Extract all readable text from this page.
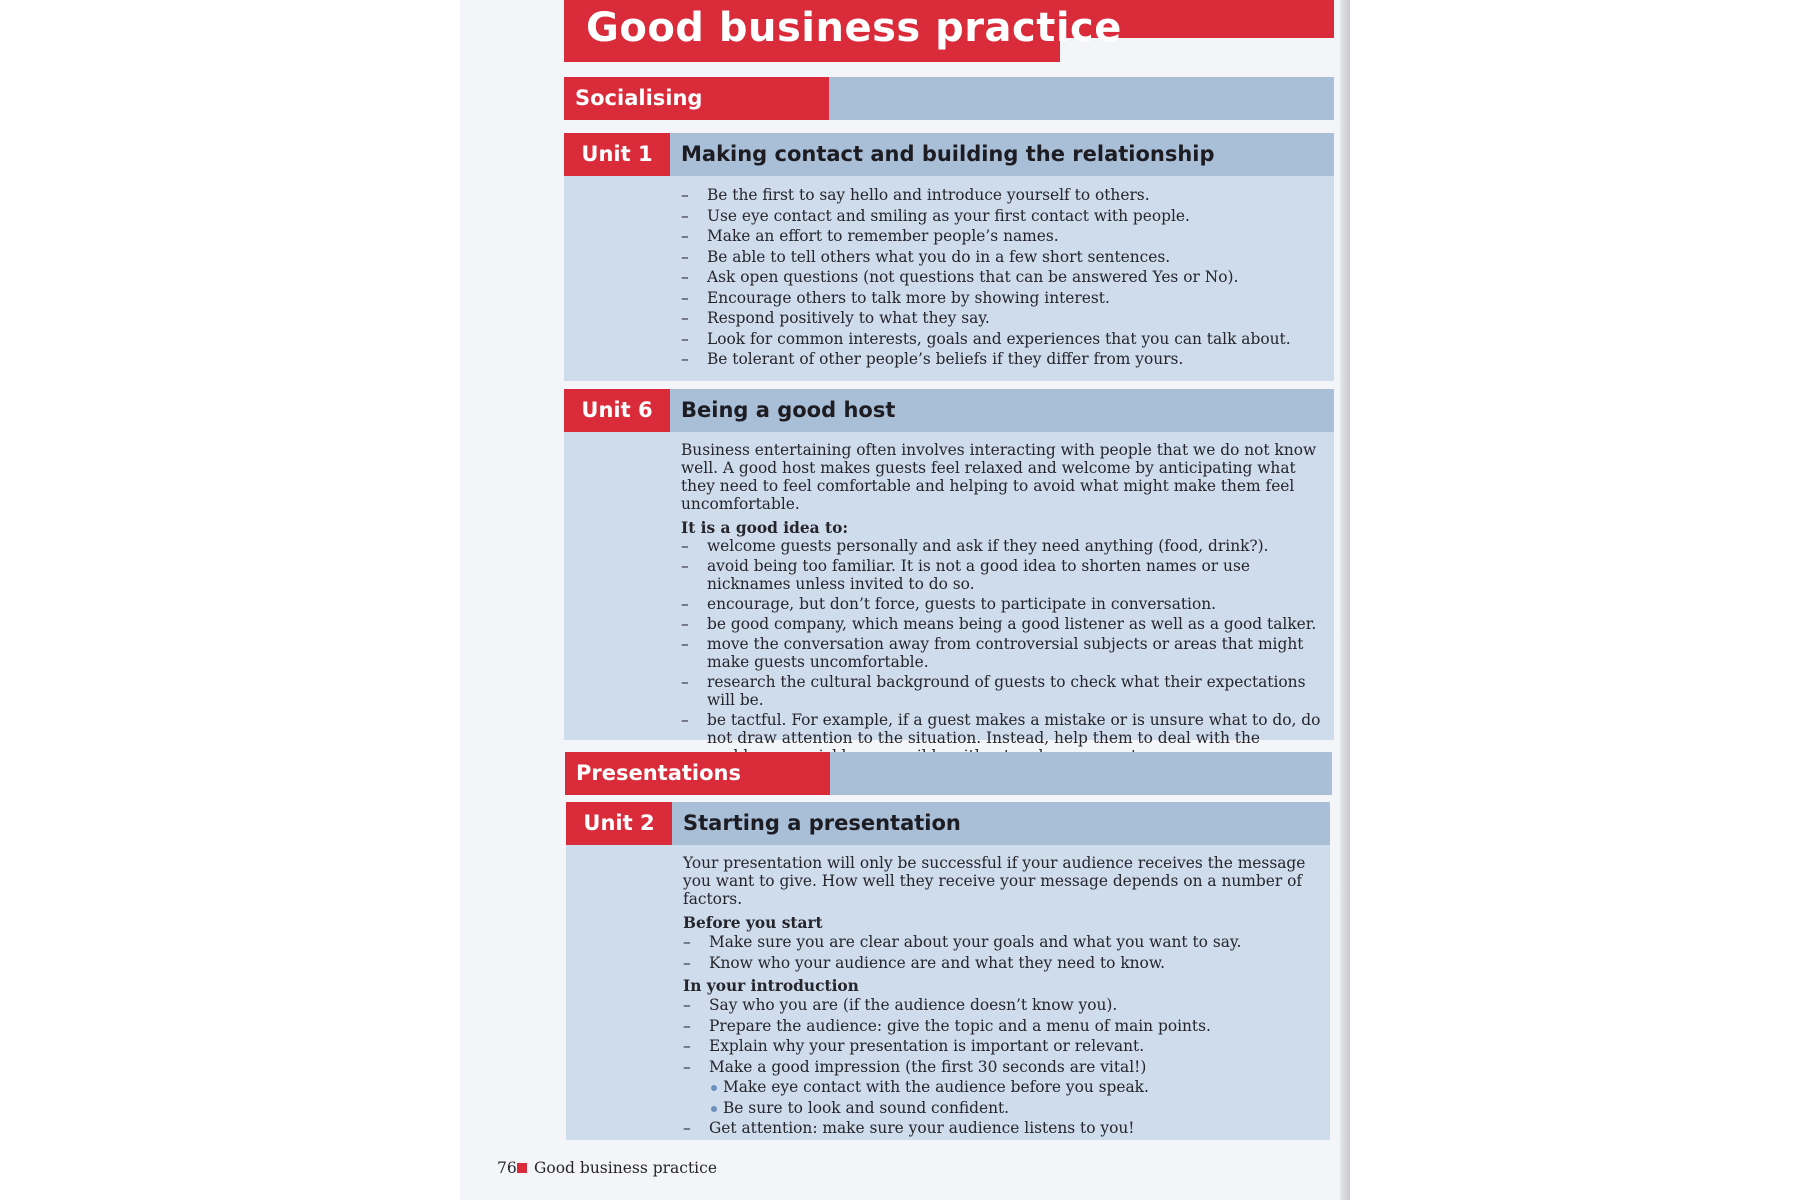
Good business practice
Socialising
Unit 1	Making contact and building the relationship
– Be the first to say hello and introduce yourself to others.
– Use eye contact and smiling as your first contact with people.
– Make an effort to remember people’s names.
– Be able to tell others what you do in a few short sentences.
– Ask open questions (not questions that can be answered Yes or No).
– Encourage others to talk more by showing interest.
– Respond positively to what they say.
– Look for common interests, goals and experiences that you can talk about.
– Be tolerant of other people’s beliefs if they differ from yours.
Unit 6	Being a good host

Business entertaining often involves interacting with people that we do not know well. A good host makes guests feel relaxed and welcome by anticipating what they need to feel comfortable and helping to avoid what might make them feel uncomfortable.

It is a good idea to:

– welcome guests personally and ask if they need anything (food, drink?).
– avoid being too familiar. It is not a good idea to shorten names or use nicknames unless invited to do so.
– encourage, but don’t force, guests to participate in conversation.
– be good company, which means being a good listener as well as a good talker.
– move the conversation away from controversial subjects or areas that might make guests uncomfortable.
– research the cultural background of guests to check what their expectations will be.
– be tactful. For example, if a guest makes a mistake or is unsure what to do, do not draw attention to the situation. Instead, help them to deal with the
Presentations
Unit 2	Starting a presentation

Your presentation will only be successful if your audience receives the message you want to give. How well they receive your message depends on a number of factors.

Before you start

– Make sure you are clear about your goals and what you want to say.
– Know who your audience are and what they need to know.

In your introduction

– Say who you are (if the audience doesn’t know you).
– Prepare the audience: give the topic and a menu of main points.
– Explain why your presentation is important or relevant.
– Make a good impression (the first 30 seconds are vital!)
Make eye contact with the audience before you speak.
Be sure to look and sound confident.
– Get attention: make sure your audience listens to you!
76 Good business practice
